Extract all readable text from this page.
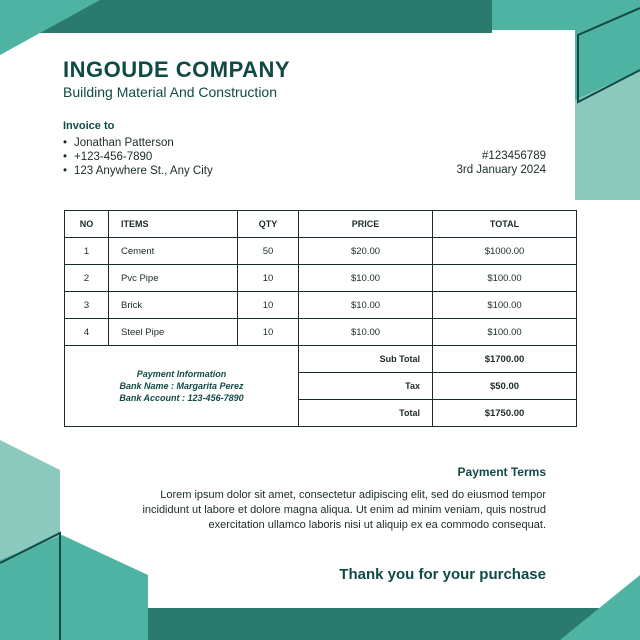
INGOUDE COMPANY
Building Material And Construction
Invoice to
• Jonathan Patterson
• +123-456-7890
• 123 Anywhere St., Any City
#123456789
3rd January 2024
NO	ITEMS	QTY	PRICE	TOTAL
1	Cement	50	$20.00	$1000.00
2	Pvc Pipe	10	$10.00	$100.00
3	Brick	10	$10.00	$100.00
4	Steel Pipe	10	$10.00	$100.00

Payment Information
Bank Name : Margarita Perez
Bank Account : 123-456-7890			Sub Total	$1700.00
			Tax	$50.00
			Total	$1750.00
Payment Terms
Lorem ipsum dolor sit amet, consectetur adipiscing elit, sed do eiusmod tempor incididunt ut labore et dolore magna aliqua. Ut enim ad minim veniam, quis nostrud exercitation ullamco laboris nisi ut aliquip ex ea commodo consequat.
Thank you for your purchase
